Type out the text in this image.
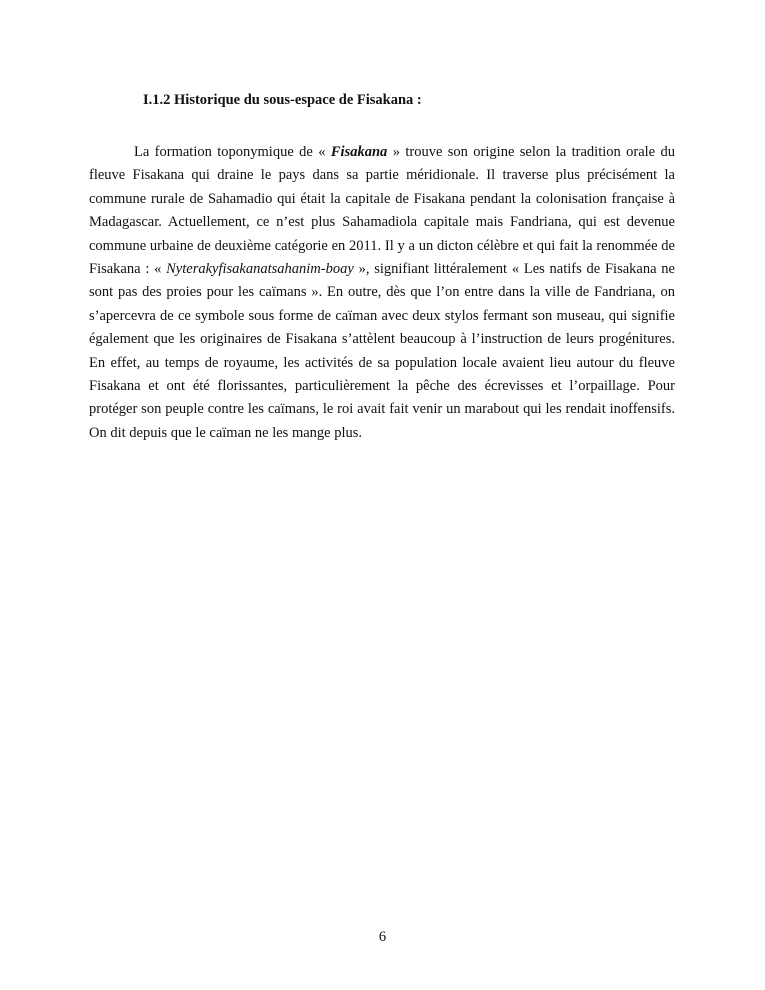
I.1.2 Historique du sous-espace de Fisakana :

La formation toponymique de « Fisakana » trouve son origine selon la tradition orale du fleuve Fisakana qui draine le pays dans sa partie méridionale. Il traverse plus précisément la commune rurale de Sahamadio qui était la capitale de Fisakana pendant la colonisation française à Madagascar. Actuellement, ce n’est plus Sahamadiola capitale mais Fandriana, qui est devenue commune urbaine de deuxième catégorie en 2011. Il y a un dicton célèbre et qui fait la renommée de Fisakana : « Nyterakyfisakanatsahanim-boay », signifiant littéralement « Les natifs de Fisakana ne sont pas des proies pour les caïmans ». En outre, dès que l’on entre dans la ville de Fandriana, on s’apercevra de ce symbole sous forme de caïman avec deux stylos fermant son museau, qui signifie également que les originaires de Fisakana s’attèlent beaucoup à l’instruction de leurs progénitures. En effet, au temps de royaume, les activités de sa population locale avaient lieu autour du fleuve Fisakana et ont été florissantes, particulièrement la pêche des écrevisses et l’orpaillage. Pour protéger son peuple contre les caïmans, le roi avait fait venir un marabout qui les rendait inoffensifs. On dit depuis que le caïman ne les mange plus.

6
